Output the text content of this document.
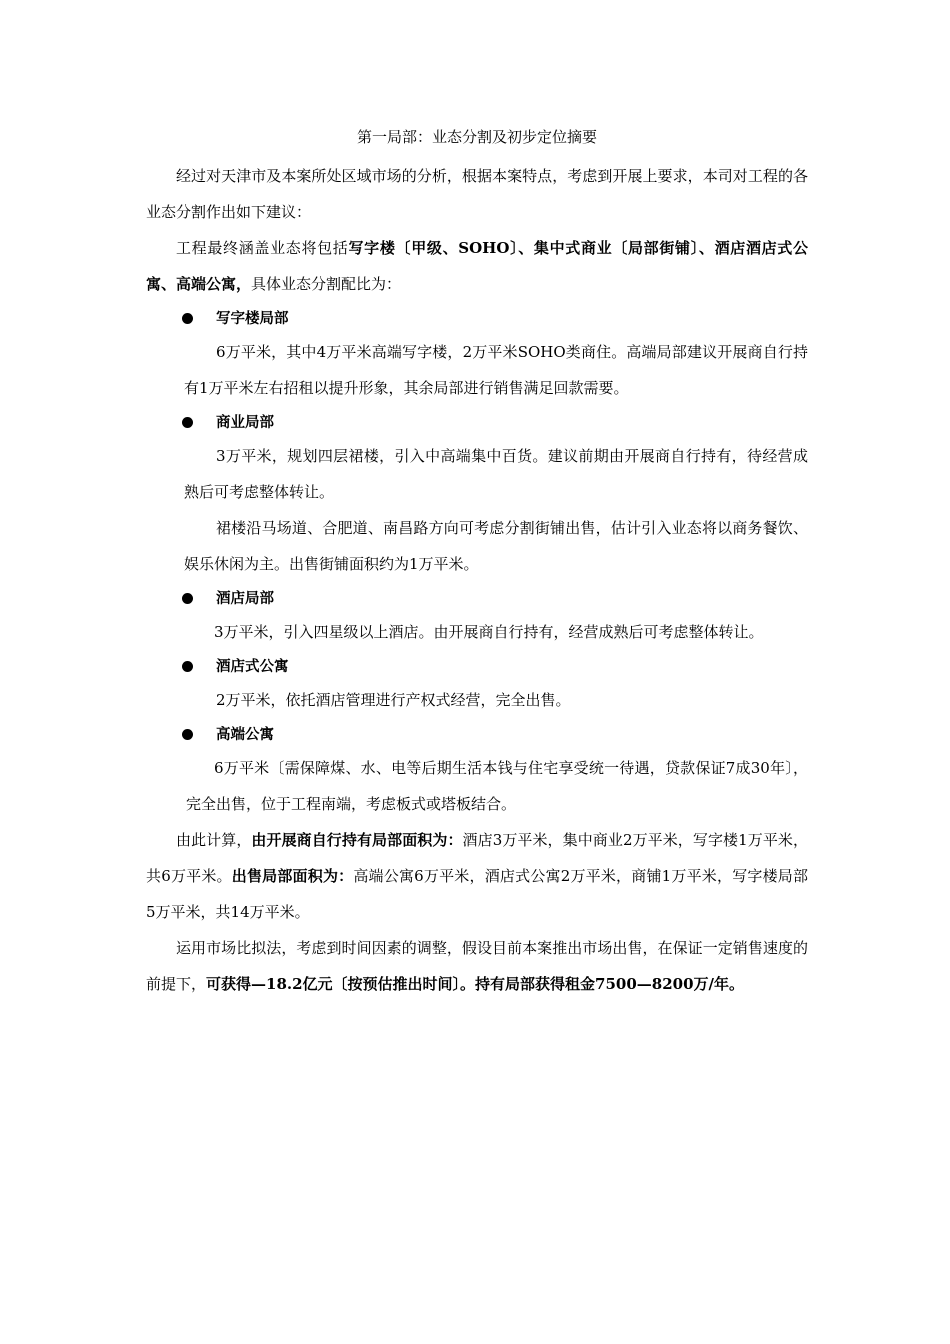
第一局部：业态分割及初步定位摘要

经过对天津市及本案所处区域市场的分析，根据本案特点，考虑到开展上要求，本司对工程的各业态分割作出如下建议：

工程最终涵盖业态将包括写字楼〔甲级、SOHO〕、集中式商业〔局部街铺〕、酒店酒店式公寓、高端公寓，具体业态分割配比为：

写字楼局部

6万平米，其中4万平米高端写字楼，2万平米SOHO类商住。高端局部建议开展商自行持有1万平米左右招租以提升形象，其余局部进行销售满足回款需要。

商业局部

3万平米，规划四层裙楼，引入中高端集中百货。建议前期由开展商自行持有，待经营成熟后可考虑整体转让。

裙楼沿马场道、合肥道、南昌路方向可考虑分割街铺出售，估计引入业态将以商务餐饮、娱乐休闲为主。出售街铺面积约为1万平米。

酒店局部

3万平米，引入四星级以上酒店。由开展商自行持有，经营成熟后可考虑整体转让。

酒店式公寓

2万平米，依托酒店管理进行产权式经营，完全出售。

高端公寓

6万平米〔需保障煤、水、电等后期生活本钱与住宅享受统一待遇，贷款保证7成30年〕，完全出售，位于工程南端，考虑板式或塔板结合。

由此计算，由开展商自行持有局部面积为：酒店3万平米，集中商业2万平米，写字楼1万平米，共6万平米。出售局部面积为：高端公寓6万平米，酒店式公寓2万平米，商铺1万平米，写字楼局部5万平米，共14万平米。

运用市场比拟法，考虑到时间因素的调整，假设目前本案推出市场出售，在保证一定销售速度的前提下，可获得—18.2亿元〔按预估推出时间〕。持有局部获得租金7500—8200万/年。
